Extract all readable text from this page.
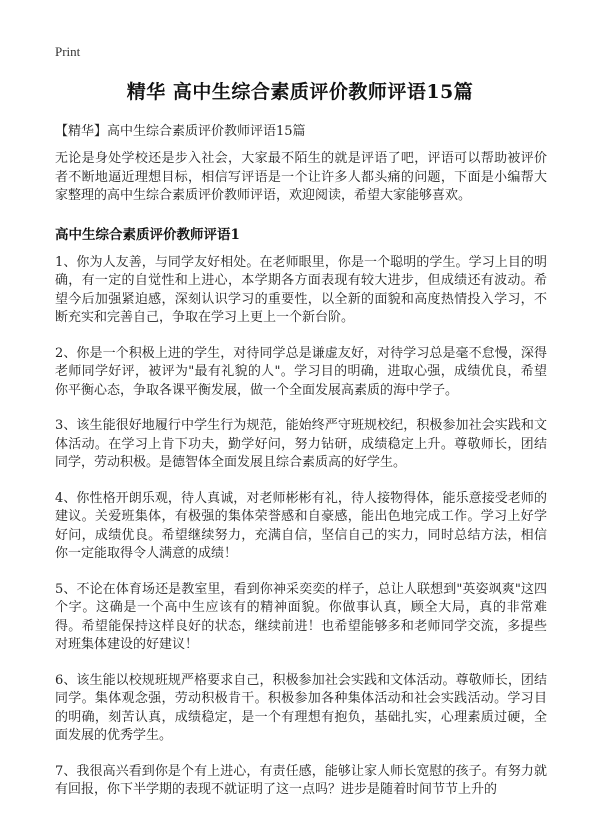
Print
精华 高中生综合素质评价教师评语15篇
【精华】高中生综合素质评价教师评语15篇

无论是身处学校还是步入社会，大家最不陌生的就是评语了吧，评语可以帮助被评价者不断地逼近理想目标，相信写评语是一个让许多人都头痛的问题，下面是小编帮大家整理的高中生综合素质评价教师评语，欢迎阅读，希望大家能够喜欢。

高中生综合素质评价教师评语1

1、你为人友善，与同学友好相处。在老师眼里，你是一个聪明的学生。学习上目的明确，有一定的自觉性和上进心，本学期各方面表现有较大进步，但成绩还有波动。希望今后加强紧迫感，深刻认识学习的重要性，以全新的面貌和高度热情投入学习，不断充实和完善自己，争取在学习上更上一个新台阶。

2、你是一个积极上进的学生，对待同学总是谦虚友好，对待学习总是毫不怠慢，深得老师同学好评，被评为"最有礼貌的人"。学习目的明确，进取心强，成绩优良，希望你平衡心态，争取各课平衡发展，做一个全面发展高素质的海中学子。

3、该生能很好地履行中学生行为规范，能始终严守班规校纪，积极参加社会实践和文体活动。在学习上肯下功夫，勤学好问，努力钻研，成绩稳定上升。尊敬师长，团结同学，劳动积极。是德智体全面发展且综合素质高的好学生。

4、你性格开朗乐观，待人真诚，对老师彬彬有礼，待人接物得体，能乐意接受老师的建议。关爱班集体，有极强的集体荣誉感和自豪感，能出色地完成工作。学习上好学好问，成绩优良。希望继续努力，充满自信，坚信自己的实力，同时总结方法，相信你一定能取得令人满意的成绩！

5、不论在体育场还是教室里，看到你神采奕奕的样子，总让人联想到"英姿飒爽"这四个字。这确是一个高中生应该有的精神面貌。你做事认真，顾全大局，真的非常难得。希望能保持这样良好的状态，继续前进！也希望能够多和老师同学交流，多提些对班集体建设的好建议！

6、该生能以校规班规严格要求自己，积极参加社会实践和文体活动。尊敬师长，团结同学。集体观念强，劳动积极肯干。积极参加各种集体活动和社会实践活动。学习目的明确，刻苦认真，成绩稳定，是一个有理想有抱负，基础扎实，心理素质过硬，全面发展的优秀学生。

7、我很高兴看到你是个有上进心，有责任感，能够让家人师长宽慰的孩子。有努力就有回报，你下半学期的表现不就证明了这一点吗？进步是随着时间节节上升的
